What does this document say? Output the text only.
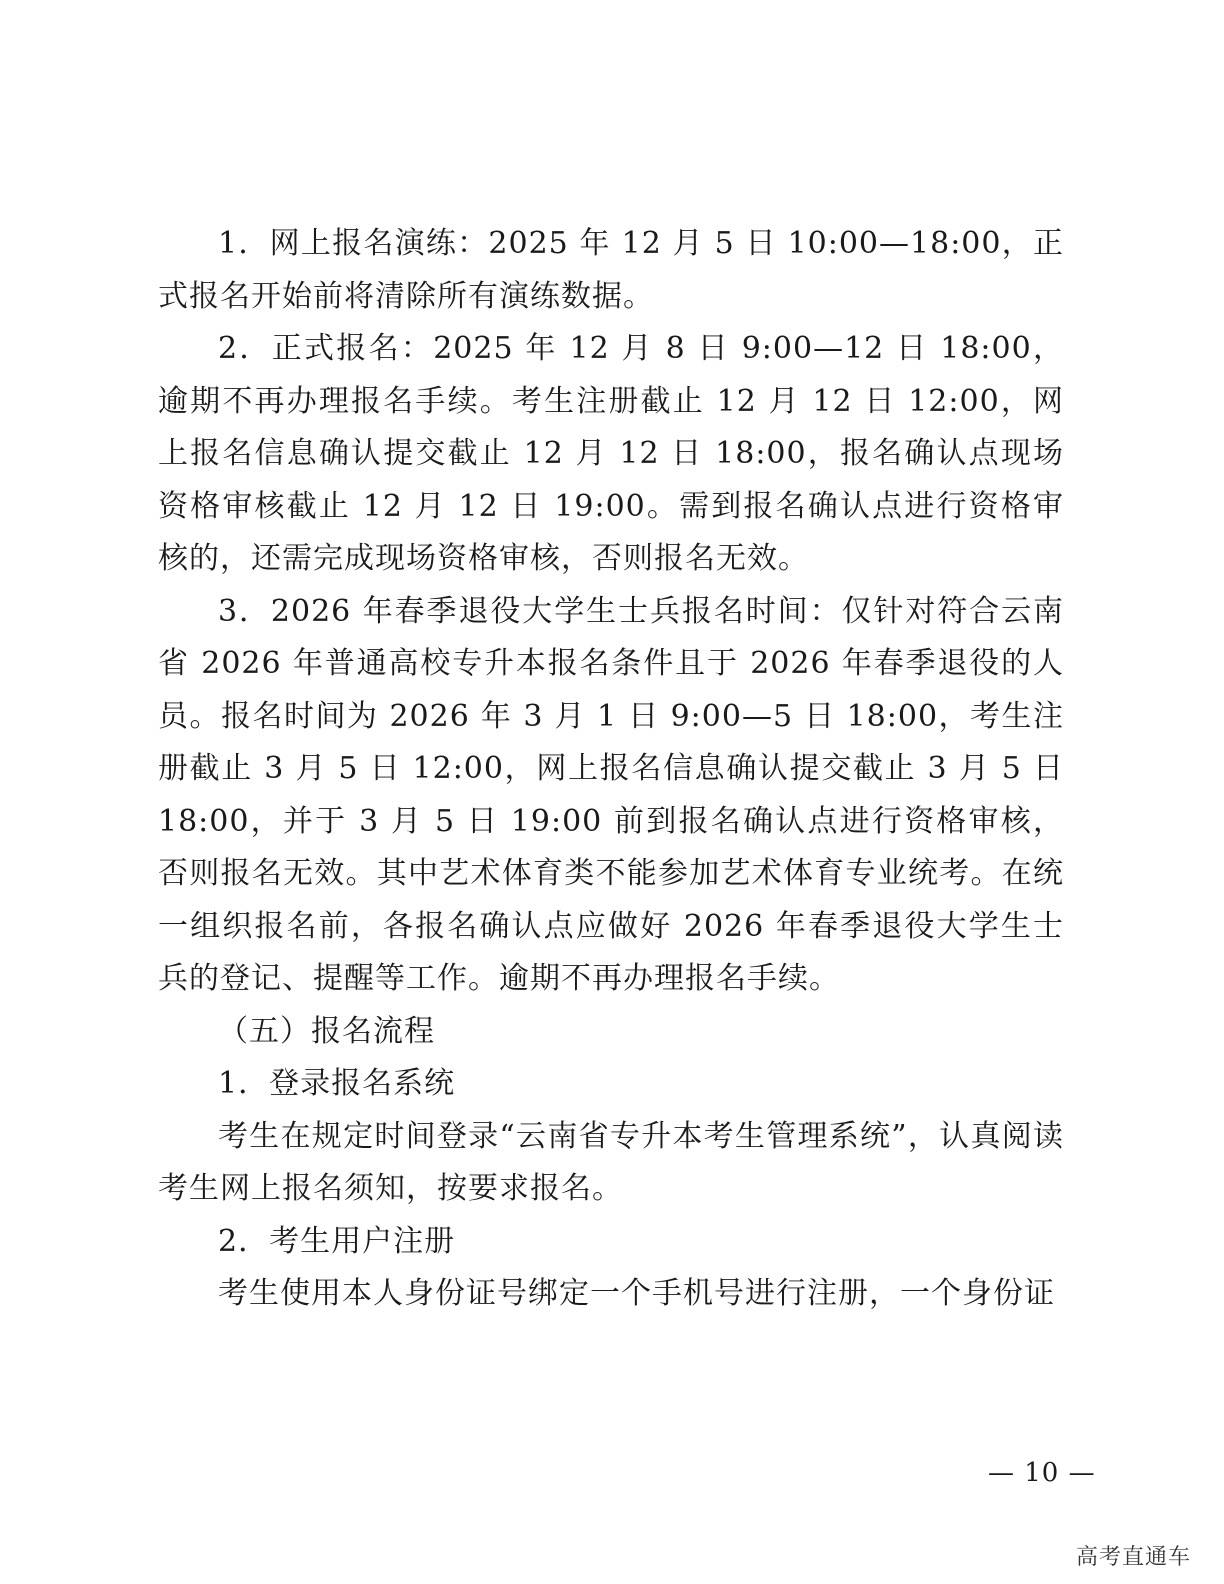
1．网上报名演练：2025 年 12 月 5 日 10:00—18:00，正式报名开始前将清除所有演练数据。

2．正式报名：2025 年 12 月 8 日 9:00—12 日 18:00，逾期不再办理报名手续。考生注册截止 12 月 12 日 12:00，网上报名信息确认提交截止 12 月 12 日 18:00，报名确认点现场资格审核截止 12 月 12 日 19:00。需到报名确认点进行资格审核的，还需完成现场资格审核，否则报名无效。

3．2026 年春季退役大学生士兵报名时间：仅针对符合云南省 2026 年普通高校专升本报名条件且于 2026 年春季退役的人员。报名时间为 2026 年 3 月 1 日 9:00—5 日 18:00，考生注册截止 3 月 5 日 12:00，网上报名信息确认提交截止 3 月 5 日 18:00，并于 3 月 5 日 19:00 前到报名确认点进行资格审核，否则报名无效。其中艺术体育类不能参加艺术体育专业统考。在统一组织报名前，各报名确认点应做好 2026 年春季退役大学生士兵的登记、提醒等工作。逾期不再办理报名手续。

（五）报名流程

1．登录报名系统

考生在规定时间登录“云南省专升本考生管理系统”，认真阅读考生网上报名须知，按要求报名。

2．考生用户注册

考生使用本人身份证号绑定一个手机号进行注册，一个身份证

— 10 —
高考直通车
